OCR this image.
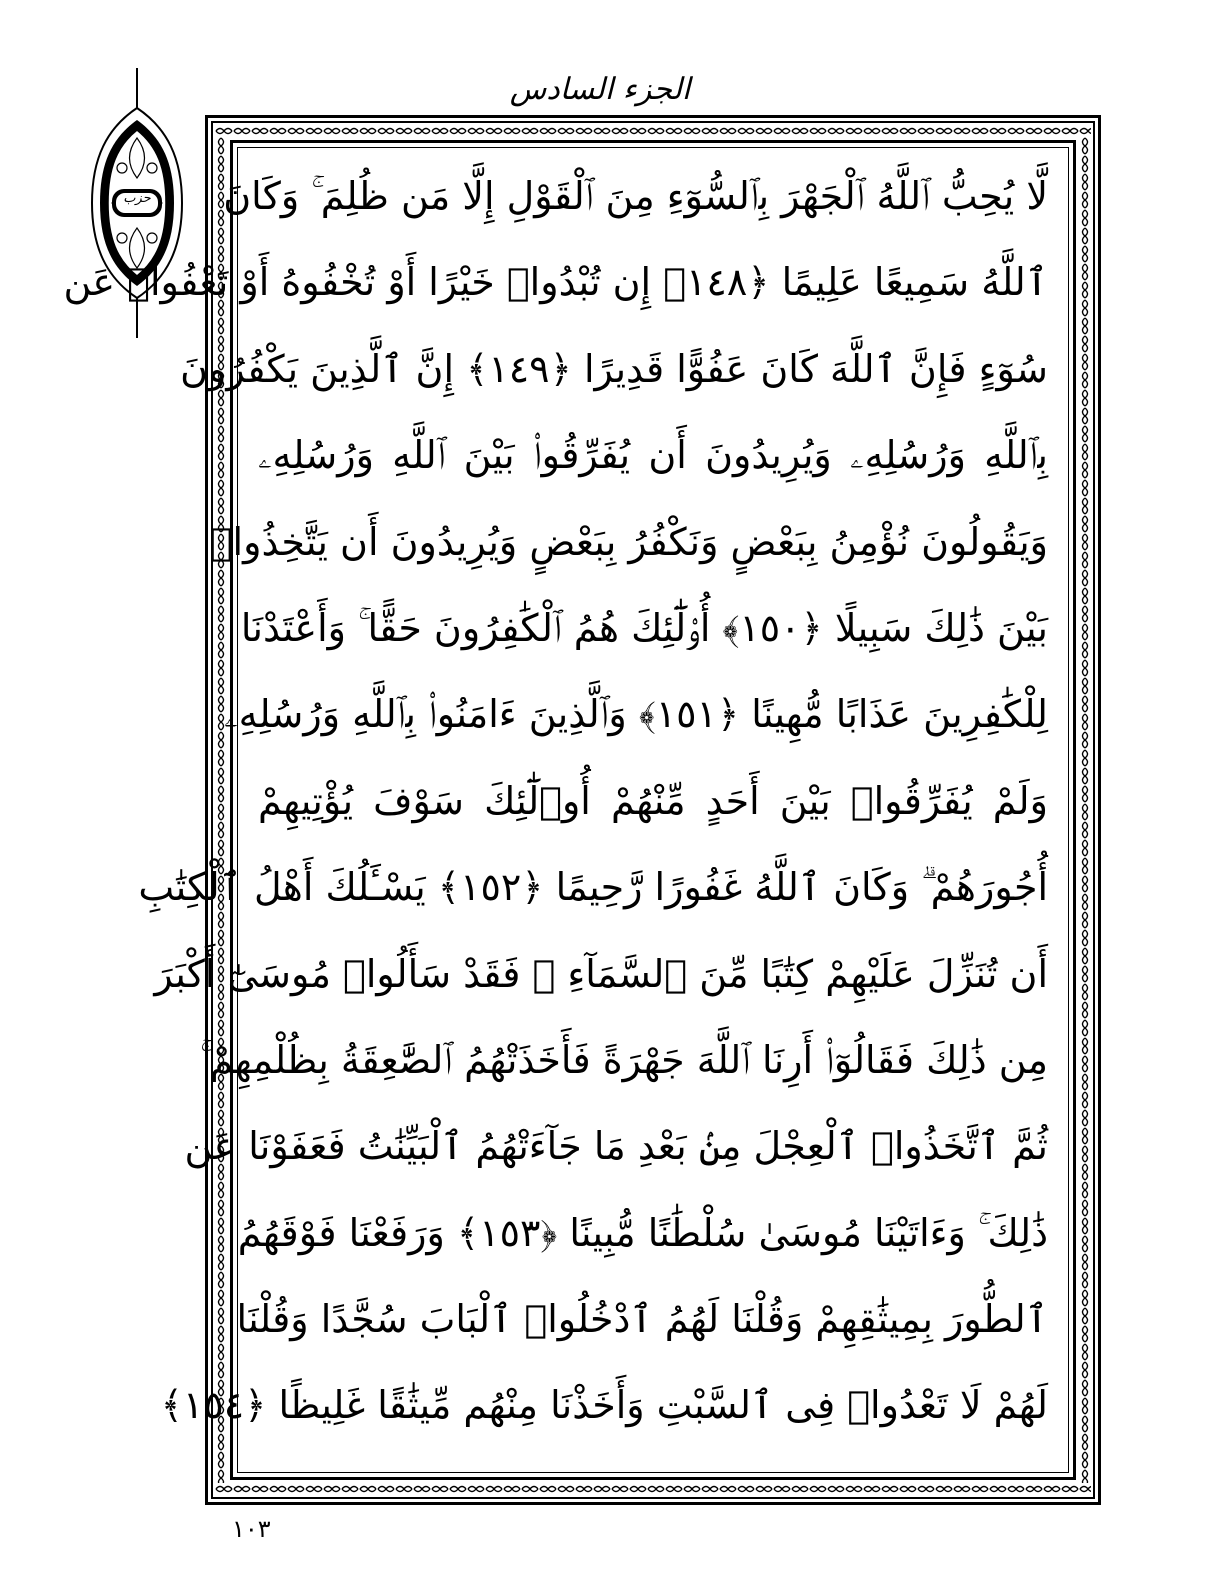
الجزء السادس
حزب لَّا يُحِبُّ ٱللَّهُ ٱلْجَهْرَ بِٱلسُّوٓءِ مِنَ ٱلْقَوْلِ إِلَّا مَن ظُلِمَ ۚ وَكَانَ
ٱللَّهُ سَمِيعًا عَلِيمًا ﴿١٤٨﴾ إِن تُبْدُوا۟ خَيْرًا أَوْ تُخْفُوهُ أَوْ تَعْفُوا۟ عَن
سُوٓءٍ فَإِنَّ ٱللَّهَ كَانَ عَفُوًّا قَدِيرًا ﴿١٤٩﴾ إِنَّ ٱلَّذِينَ يَكْفُرُونَ
بِٱللَّهِ وَرُسُلِهِۦ وَيُرِيدُونَ أَن يُفَرِّقُوا۟ بَيْنَ ٱللَّهِ وَرُسُلِهِۦ
وَيَقُولُونَ نُؤْمِنُ بِبَعْضٍ وَنَكْفُرُ بِبَعْضٍ وَيُرِيدُونَ أَن يَتَّخِذُوا۟
بَيْنَ ذَٰلِكَ سَبِيلًا ﴿١٥٠﴾ أُو۟لَٰٓئِكَ هُمُ ٱلْكَٰفِرُونَ حَقًّا ۚ وَأَعْتَدْنَا
لِلْكَٰفِرِينَ عَذَابًا مُّهِينًا ﴿١٥١﴾ وَٱلَّذِينَ ءَامَنُوا۟ بِٱللَّهِ وَرُسُلِهِۦ
وَلَمْ يُفَرِّقُوا۟ بَيْنَ أَحَدٍ مِّنْهُمْ أُو۟لَٰٓئِكَ سَوْفَ يُؤْتِيهِمْ
أُجُورَهُمْ ۗ وَكَانَ ٱللَّهُ غَفُورًا رَّحِيمًا ﴿١٥٢﴾ يَسْـَٔلُكَ أَهْلُ ٱلْكِتَٰبِ
أَن تُنَزِّلَ عَلَيْهِمْ كِتَٰبًا مِّنَ ٱلسَّمَآءِ ۚ فَقَدْ سَأَلُوا۟ مُوسَىٰٓ أَكْبَرَ
مِن ذَٰلِكَ فَقَالُوٓا۟ أَرِنَا ٱللَّهَ جَهْرَةً فَأَخَذَتْهُمُ ٱلصَّٰعِقَةُ بِظُلْمِهِمْ ۚ
ثُمَّ ٱتَّخَذُوا۟ ٱلْعِجْلَ مِنۢ بَعْدِ مَا جَآءَتْهُمُ ٱلْبَيِّنَٰتُ فَعَفَوْنَا عَن
ذَٰلِكَ ۚ وَءَاتَيْنَا مُوسَىٰ سُلْطَٰنًا مُّبِينًا ﴿١٥٣﴾ وَرَفَعْنَا فَوْقَهُمُ
ٱلطُّورَ بِمِيثَٰقِهِمْ وَقُلْنَا لَهُمُ ٱدْخُلُوا۟ ٱلْبَابَ سُجَّدًا وَقُلْنَا
لَهُمْ لَا تَعْدُوا۟ فِى ٱلسَّبْتِ وَأَخَذْنَا مِنْهُم مِّيثَٰقًا غَلِيظًا ﴿١٥٤﴾
١٠٣
